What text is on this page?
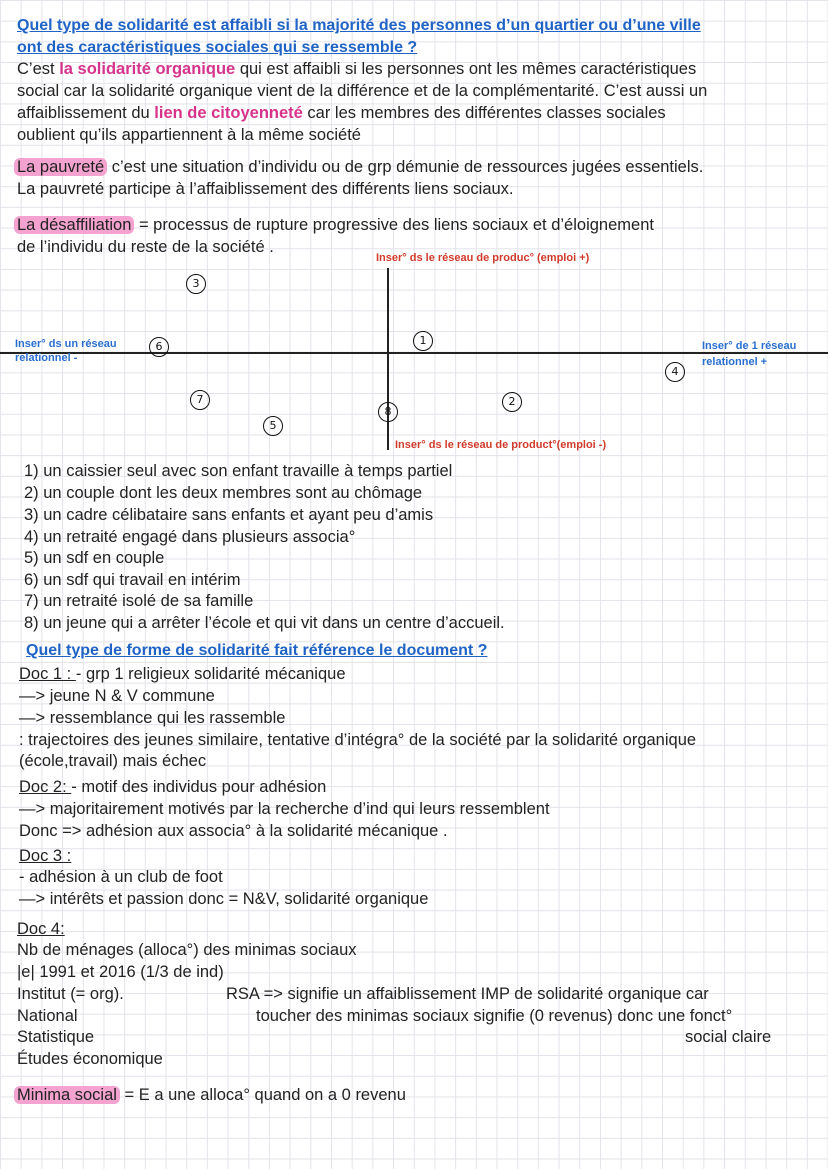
Quel type de solidarité est affaibli si la majorité des personnes d’un quartier ou d’une ville
ont des caractéristiques sociales qui se ressemble ?
C’est la solidarité organique qui est affaibli si les personnes ont les mêmes caractéristiques
social car la solidarité organique vient de la différence et de la complémentarité. C’est aussi un
affaiblissement du lien de citoyenneté car les membres des différentes classes sociales
oublient qu’ils appartiennent à la même société
La pauvreté c’est une situation d’individu ou de grp démunie de ressources jugées essentiels.
La pauvreté participe à l’affaiblissement des différents liens sociaux.
La désaffiliation = processus de rupture progressive des liens sociaux et d’éloignement
de l’individu du reste de la société .
Inser° ds le réseau de produc° (emploi +)
Inser° ds le réseau de product°(emploi -)
Inser° ds un réseau
relationnel -
Inser° de 1 réseau
relationnel +
3
6	1
4
7
5
8
2
1) un caissier seul avec son enfant travaille à temps partiel
2) un couple dont les deux membres sont au chômage
3) un cadre célibataire sans enfants et ayant peu d’amis
4) un retraité engagé dans plusieurs associa°
5) un sdf en couple
6) un sdf qui travail en intérim
7) un retraité isolé de sa famille
8) un jeune qui a arrêter l’école et qui vit dans un centre d’accueil.
Quel type de forme de solidarité fait référence le document ?
Doc 1 : - grp 1 religieux solidarité mécanique
—> jeune N & V commune
—> ressemblance qui les rassemble
: trajectoires des jeunes similaire, tentative d’intégra° de la société par la solidarité organique
(école,travail) mais échec
Doc 2: - motif des individus pour adhésion
—> majoritairement motivés par la recherche d’ind qui leurs ressemblent
Donc => adhésion aux associa° à la solidarité mécanique .
Doc 3 :
- adhésion à un club de foot
—> intérêts et passion donc = N&V, solidarité organique
Doc 4:
Nb de ménages (alloca°) des minimas sociaux
|e| 1991 et 2016 (1/3 de ind)
Institut (= org).
National
Statistique
Études économique
RSA => signifie un affaiblissement IMP de solidarité organique car
toucher des minimas sociaux signifie (0 revenus) donc une fonct°
social claire
Minima social = E a une alloca° quand on a 0 revenu
